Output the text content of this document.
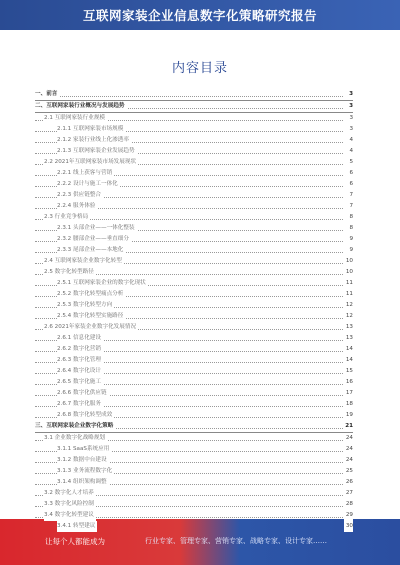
互联网家装企业信息数字化策略研究报告
内容目录
一、前言	3
二、互联网家装行业概况与发展趋势	3
2.1 互联网家装行业规模	3
2.1.1 互联网家装市场规模	3
2.1.2 家装行业线上化渗透率	4
2.1.3 互联网家装企业发展趋势	4
2.2 2021年互联网家装市场发展现状	5
2.2.1 线上获客与营销	6
2.2.2 设计与施工一体化	6
2.2.3 供应链整合	7
2.2.4 服务体验	7
2.3 行业竞争格局	8
2.3.1 头部企业——一体化整装	8
2.3.2 腰部企业——垂直细分	9
2.3.3 尾部企业——本地化	9
2.4 互联网家装企业数字化转型	10
2.5 数字化转型路径	10
2.5.1 互联网家装企业的数字化现状	11
2.5.2 数字化转型痛点分析	11
2.5.3 数字化转型方向	12
2.5.4 数字化转型实施路径	12
2.6 2021年家装企业数字化发展情况	13
2.6.1 信息化建设	13
2.6.2 数字化营销	14
2.6.3 数字化管理	14
2.6.4 数字化设计	15
2.6.5 数字化施工	16
2.6.6 数字化供应链	17
2.6.7 数字化服务	18
2.6.8 数字化转型成效	19
三、互联网家装企业数字化策略	21
3.1 企业数字化战略规划	24
3.1.1 SaaS系统应用	24
3.1.2 数据中台建设	24
3.1.3 业务流程数字化	25
3.1.4 组织架构调整	26
3.2 数字化人才培养	27
3.3 数字化风险控制	28
3.4 数字化转型建议	29
3.4.1 转型建议	30
让每个人都能成为	行业专家、管理专家、营销专家、战略专家、设计专家……
